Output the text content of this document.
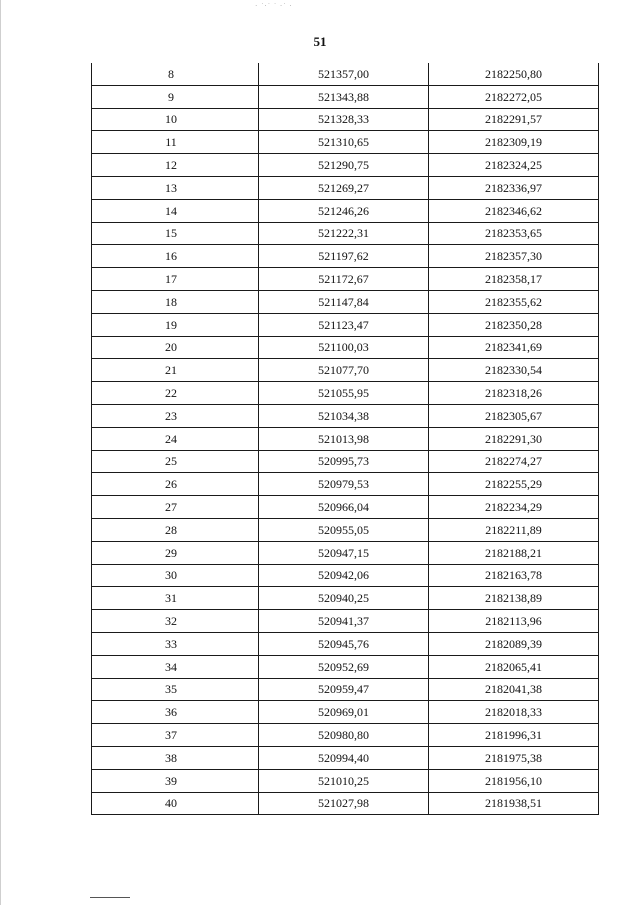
· ˙·˙ ˙ ·˙ ·
51
8	521357,00	2182250,80
9	521343,88	2182272,05
10	521328,33	2182291,57
11	521310,65	2182309,19
12	521290,75	2182324,25
13	521269,27	2182336,97
14	521246,26	2182346,62
15	521222,31	2182353,65
16	521197,62	2182357,30
17	521172,67	2182358,17
18	521147,84	2182355,62
19	521123,47	2182350,28
20	521100,03	2182341,69
21	521077,70	2182330,54
22	521055,95	2182318,26
23	521034,38	2182305,67
24	521013,98	2182291,30
25	520995,73	2182274,27
26	520979,53	2182255,29
27	520966,04	2182234,29
28	520955,05	2182211,89
29	520947,15	2182188,21
30	520942,06	2182163,78
31	520940,25	2182138,89
32	520941,37	2182113,96
33	520945,76	2182089,39
34	520952,69	2182065,41
35	520959,47	2182041,38
36	520969,01	2182018,33
37	520980,80	2181996,31
38	520994,40	2181975,38
39	521010,25	2181956,10
40	521027,98	2181938,51
